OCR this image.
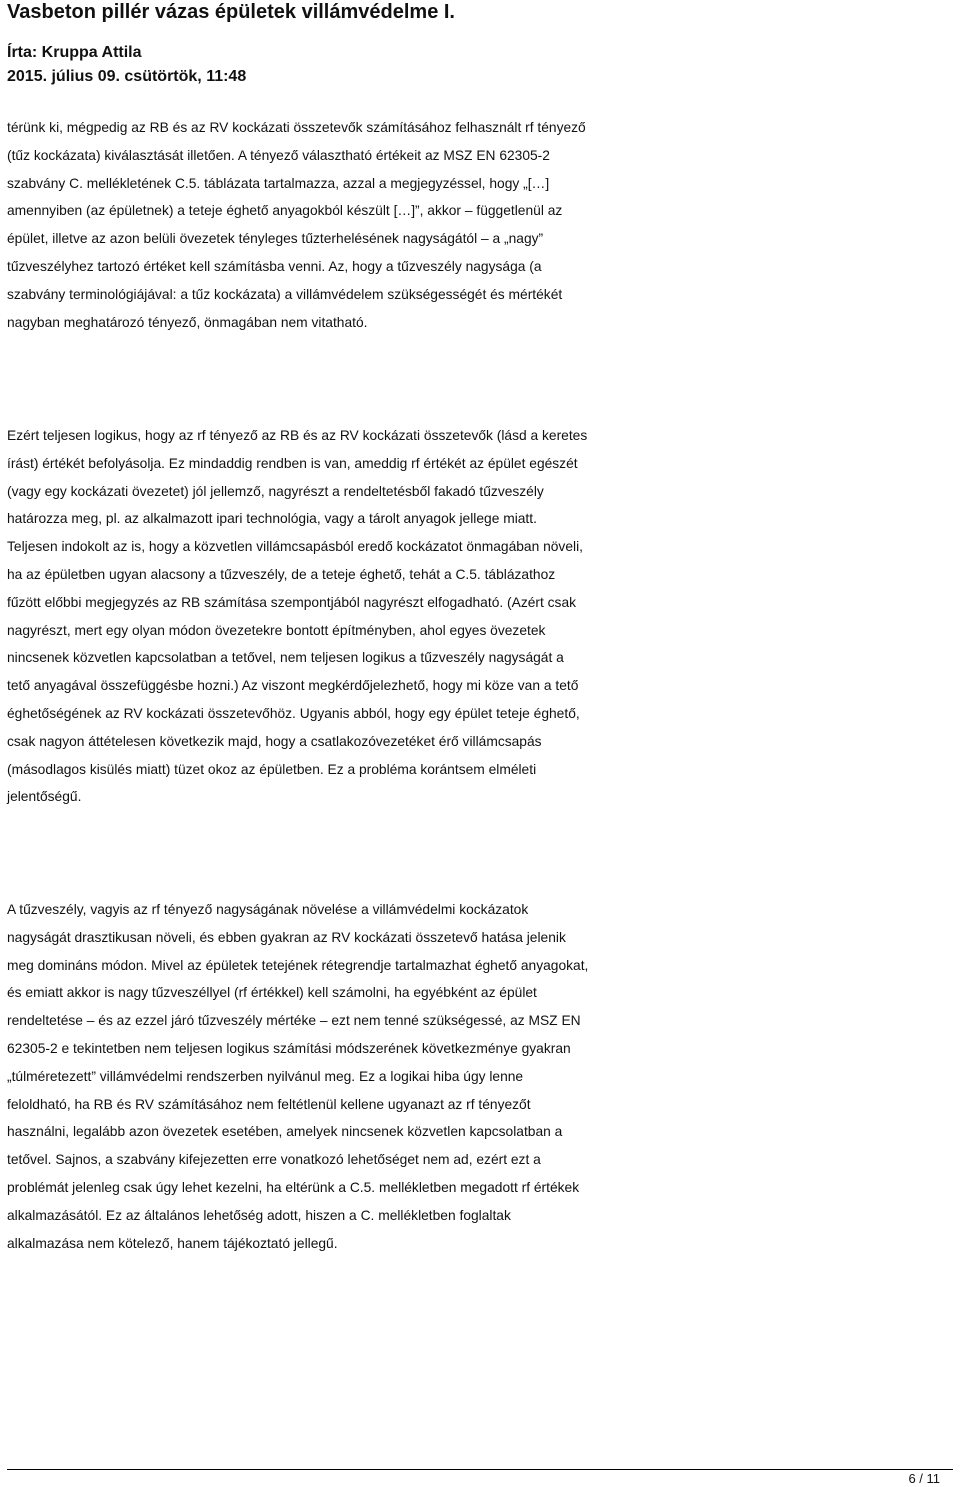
Vasbeton pillér vázas épületek villámvédelme I.
Írta: Kruppa Attila
2015. július 09. csütörtök, 11:48
térünk ki, mégpedig az RB és az RV kockázati összetevők számításához felhasznált rf tényező
(tűz kockázata) kiválasztását illetően. A tényező választható értékeit az MSZ EN 62305-2
szabvány C. mellékletének C.5. táblázata tartalmazza, azzal a megjegyzéssel, hogy „[…]
amennyiben (az épületnek) a teteje éghető anyagokból készült […]”, akkor – függetlenül az
épület, illetve az azon belüli övezetek tényleges tűzterhelésének nagyságától – a „nagy”
tűzveszélyhez tartozó értéket kell számításba venni. Az, hogy a tűzveszély nagysága (a
szabvány terminológiájával: a tűz kockázata) a villámvédelem szükségességét és mértékét
nagyban meghatározó tényező, önmagában nem vitatható.
Ezért teljesen logikus, hogy az rf tényező az RB és az RV kockázati összetevők (lásd a keretes
írást) értékét befolyásolja. Ez mindaddig rendben is van, ameddig rf értékét az épület egészét
(vagy egy kockázati övezetet) jól jellemző, nagyrészt a rendeltetésből fakadó tűzveszély
határozza meg, pl. az alkalmazott ipari technológia, vagy a tárolt anyagok jellege miatt.
Teljesen indokolt az is, hogy a közvetlen villámcsapásból eredő kockázatot önmagában növeli,
ha az épületben ugyan alacsony a tűzveszély, de a teteje éghető, tehát a C.5. táblázathoz
fűzött előbbi megjegyzés az RB számítása szempontjából nagyrészt elfogadható. (Azért csak
nagyrészt, mert egy olyan módon övezetekre bontott építményben, ahol egyes övezetek
nincsenek közvetlen kapcsolatban a tetővel, nem teljesen logikus a tűzveszély nagyságát a
tető anyagával összefüggésbe hozni.) Az viszont megkérdőjelezhető, hogy mi köze van a tető
éghetőségének az RV kockázati összetevőhöz. Ugyanis abból, hogy egy épület teteje éghető,
csak nagyon áttételesen következik majd, hogy a csatlakozóvezetéket érő villámcsapás
(másodlagos kisülés miatt) tüzet okoz az épületben. Ez a probléma korántsem elméleti
jelentőségű.
A tűzveszély, vagyis az rf tényező nagyságának növelése a villámvédelmi kockázatok
nagyságát drasztikusan növeli, és ebben gyakran az RV kockázati összetevő hatása jelenik
meg domináns módon. Mivel az épületek tetejének rétegrendje tartalmazhat éghető anyagokat,
és emiatt akkor is nagy tűzveszéllyel (rf értékkel) kell számolni, ha egyébként az épület
rendeltetése – és az ezzel járó tűzveszély mértéke – ezt nem tenné szükségessé, az MSZ EN
62305-2 e tekintetben nem teljesen logikus számítási módszerének következménye gyakran
„túlméretezett” villámvédelmi rendszerben nyilvánul meg. Ez a logikai hiba úgy lenne
feloldható, ha RB és RV számításához nem feltétlenül kellene ugyanazt az rf tényezőt
használni, legalább azon övezetek esetében, amelyek nincsenek közvetlen kapcsolatban a
tetővel. Sajnos, a szabvány kifejezetten erre vonatkozó lehetőséget nem ad, ezért ezt a
problémát jelenleg csak úgy lehet kezelni, ha eltérünk a C.5. mellékletben megadott rf értékek
alkalmazásától. Ez az általános lehetőség adott, hiszen a C. mellékletben foglaltak
alkalmazása nem kötelező, hanem tájékoztató jellegű.
6 / 11
